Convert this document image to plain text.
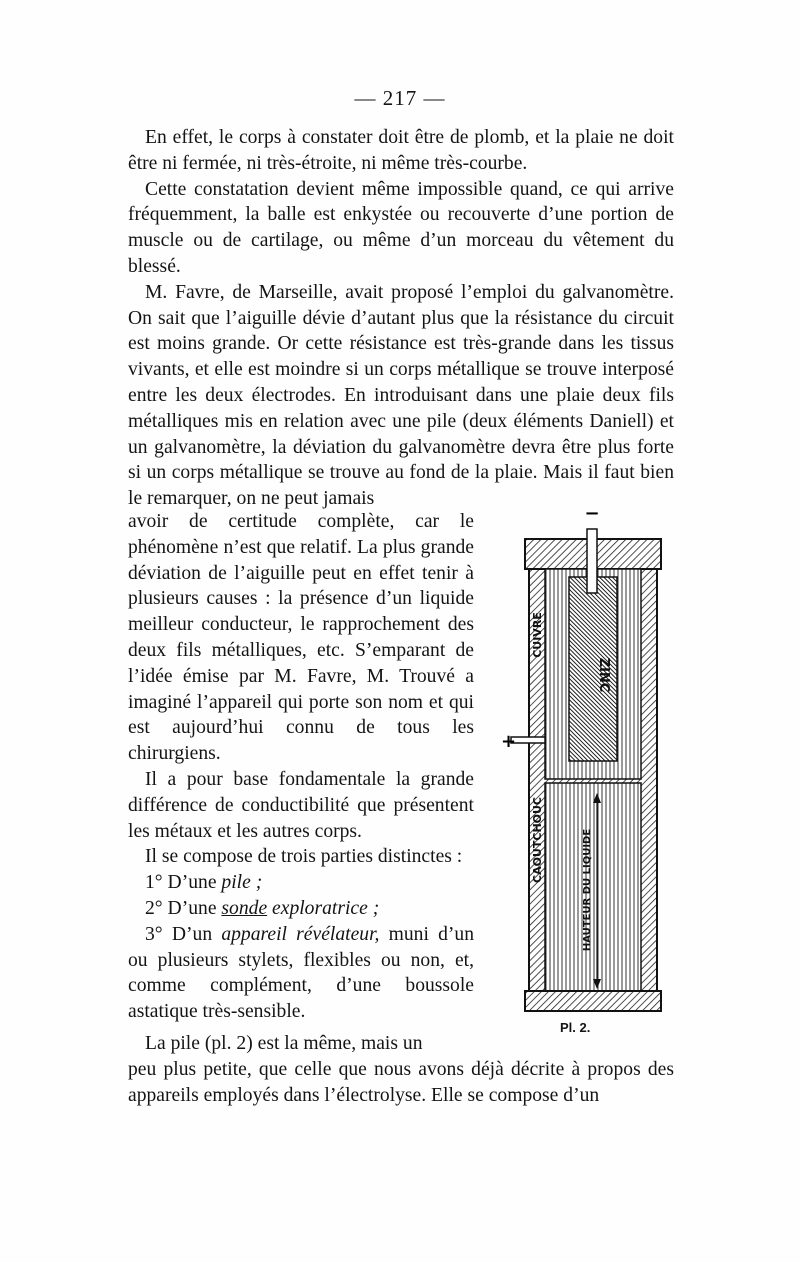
— 217 —

En effet, le corps à constater doit être de plomb, et la plaie ne doit être ni fermée, ni très-étroite, ni même très-courbe.

Cette constatation devient même impossible quand, ce qui arrive fréquemment, la balle est enkystée ou recouverte d’une portion de muscle ou de cartilage, ou même d’un morceau du vêtement du blessé.

M. Favre, de Marseille, avait proposé l’emploi du galvanomètre. On sait que l’aiguille dévie d’autant plus que la résistance du circuit est moins grande. Or cette résistance est très-grande dans les tissus vivants, et elle est moindre si un corps métallique se trouve interposé entre les deux électrodes. En introduisant dans une plaie deux fils métalliques mis en relation avec une pile (deux éléments Daniell) et un galvanomètre, la déviation du galvanomètre devra être plus forte si un corps métallique se trouve au fond de la plaie. Mais il faut bien le remarquer, on ne peut jamais

avoir de certitude complète, car le phénomène n’est que relatif. La plus grande déviation de l’aiguille peut en effet tenir à plusieurs causes : la présence d’un liquide meilleur conducteur, le rapprochement des deux fils métalliques, etc. S’emparant de l’idée émise par M. Favre, M. Trouvé a imaginé l’appareil qui porte son nom et qui est aujourd’hui connu de tous les chirurgiens.

Il a pour base fondamentale la grande différence de conductibilité que présentent les métaux et les autres corps.

Il se compose de trois parties distinctes :

1° D’une pile ;

2° D’une sonde exploratrice ;

3° D’un appareil révélateur, muni d’un ou plusieurs stylets, flexibles ou non, et, comme complément, d’une boussole astatique très-sensible.

La pile (pl. 2) est la même, mais un
peu plus petite, que celle que nous avons déjà décrite à propos des appareils employés dans l’électrolyse. Elle se compose d’un
−
+
ZINC
CUIVRE
CAOUTCHOUC	HAUTEUR DU LIQUIDE
Pl. 2.
